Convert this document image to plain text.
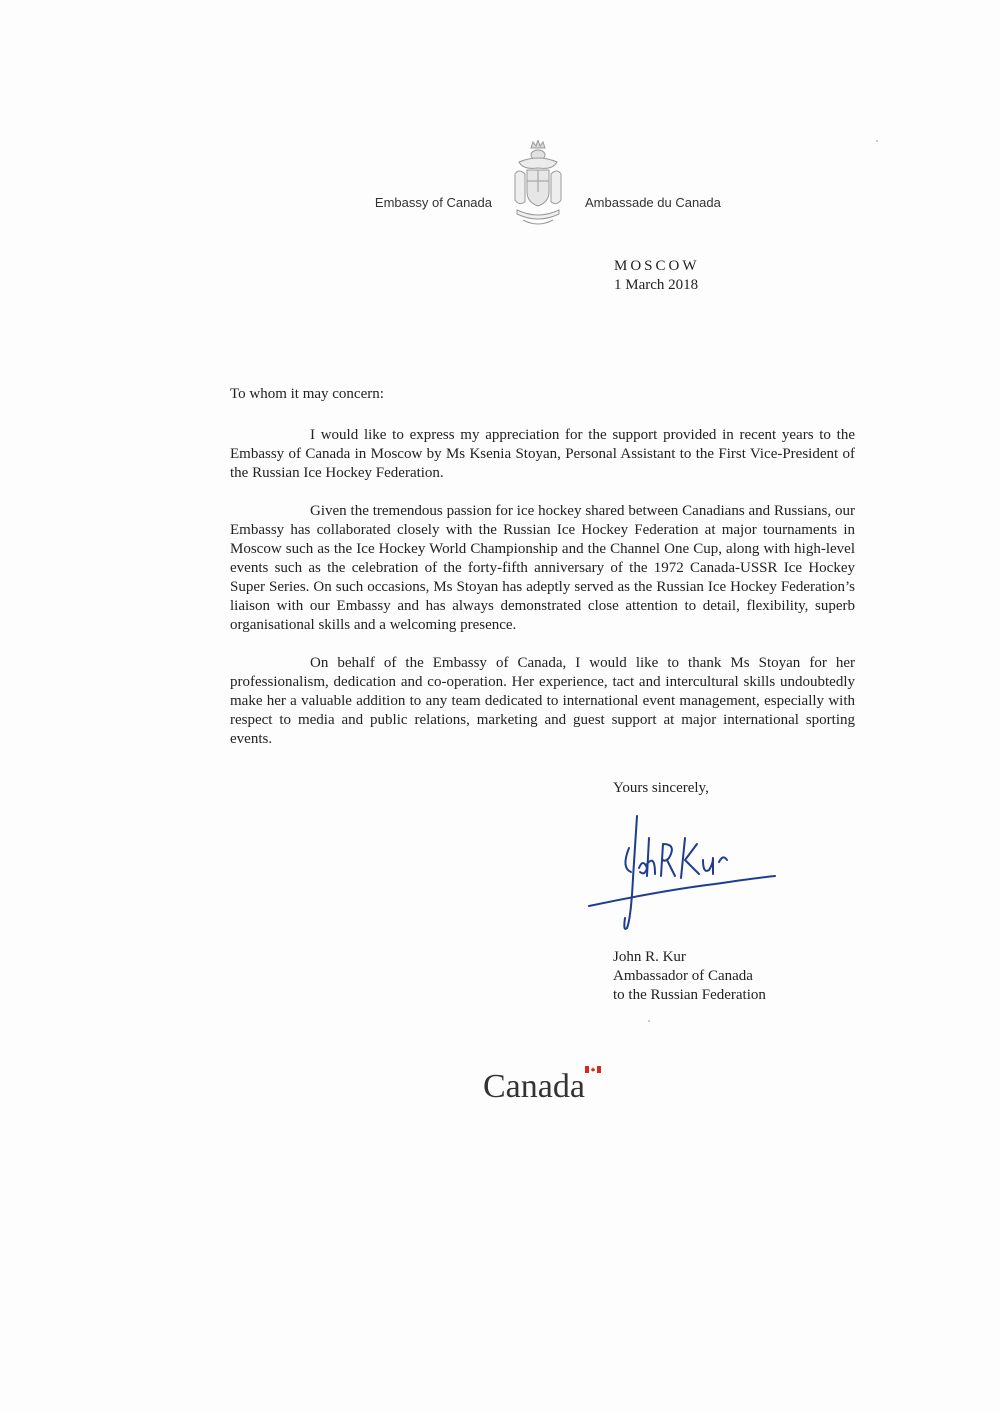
Embassy of Canada	Ambassade du Canada
MOSCOW
1 March 2018
To whom it may concern:

I would like to express my appreciation for the support provided in recent years to the Embassy of Canada in Moscow by Ms Ksenia Stoyan, Personal Assistant to the First Vice-President of the Russian Ice Hockey Federation.

Given the tremendous passion for ice hockey shared between Canadians and Russians, our Embassy has collaborated closely with the Russian Ice Hockey Federation at major tournaments in Moscow such as the Ice Hockey World Championship and the Channel One Cup, along with high-level events such as the celebration of the forty-fifth anniversary of the 1972 Canada-USSR Ice Hockey Super Series. On such occasions, Ms Stoyan has adeptly served as the Russian Ice Hockey Federation’s liaison with our Embassy and has always demonstrated close attention to detail, flexibility, superb organisational skills and a welcoming presence.

On behalf of the Embassy of Canada, I would like to thank Ms Stoyan for her professionalism, dedication and co-operation. Her experience, tact and intercultural skills undoubtedly make her a valuable addition to any team dedicated to international event management, especially with respect to media and public relations, marketing and guest support at major international sporting events.

Yours sincerely,
John R. Kur
Ambassador of Canada
to the Russian Federation
Canada
